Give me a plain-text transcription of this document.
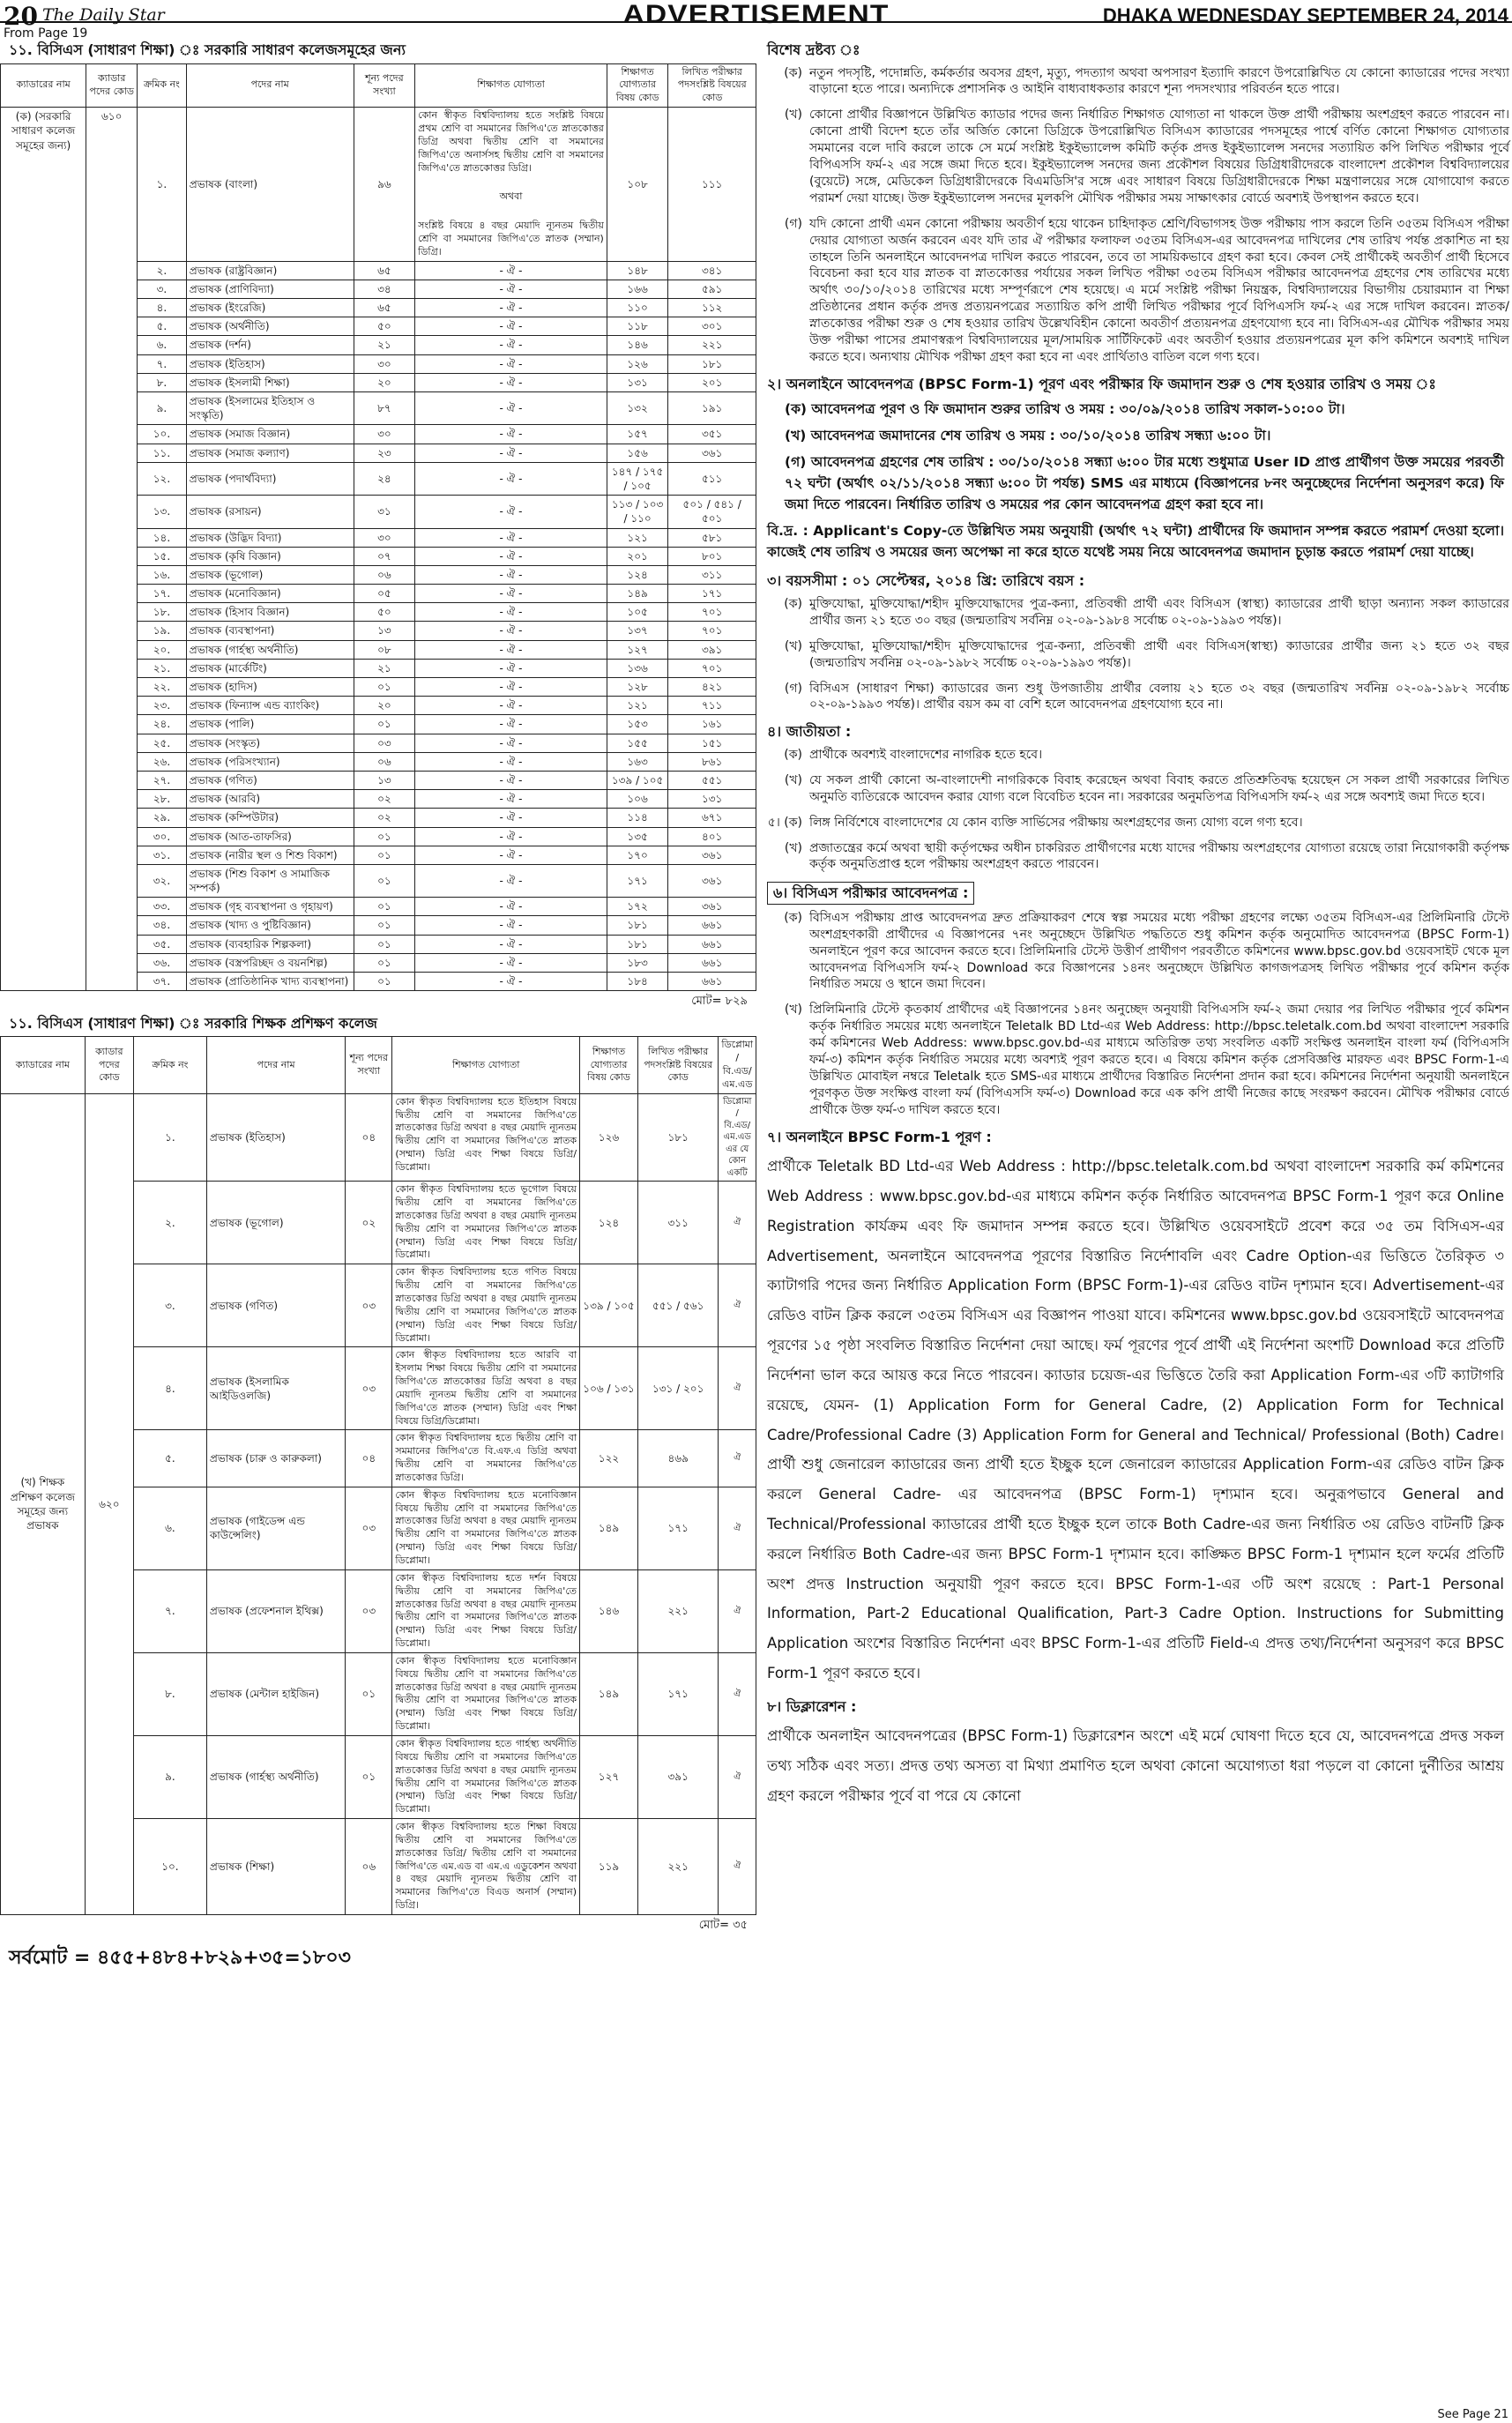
20 The Daily Star	ADVERTISEMENT	DHAKA WEDNESDAY SEPTEMBER 24, 2014
From Page 19
১১. বিসিএস (সাধারণ শিক্ষা) ঃ সরকারি সাধারণ কলেজসমূহের জন্য
ক্যাডারের নাম	ক্যাডার পদের কোড	ক্রমিক নং	পদের নাম	শূন্য পদের সংখ্যা	শিক্ষাগত যোগ্যতা	শিক্ষাগত যোগ্যতার বিষয় কোড	লিখিত পরীক্ষার পদসংশ্লিষ্ট বিষয়ের কোড
(ক) (সরকারি সাধারণ কলেজ সমূহের জন্য)	৬১০	১.	প্রভাষক (বাংলা)	৯৬	কোন স্বীকৃত বিশ্ববিদ্যালয় হতে সংশ্লিষ্ট বিষয়ে প্রথম শ্রেণি বা সমমানের জিপিএ'তে স্নাতকোত্তর ডিগ্রি অথবা দ্বিতীয় শ্রেণি বা সমমানের জিপিএ'তে অনার্সসহ দ্বিতীয় শ্রেণি বা সমমানের জিপিএ'তে স্নাতকোত্তর ডিগ্রি।
অথবা
সংশ্লিষ্ট বিষয়ে ৪ বছর মেয়াদি ন্যূনতম দ্বিতীয় শ্রেণি বা সমমানের জিপিএ'তে স্নাতক (সম্মান) ডিগ্রি।	১০৮	১১১
		২.	প্রভাষক (রাষ্ট্রবিজ্ঞান)	৬৫	- ঐ -	১৪৮	৩৪১
		৩.	প্রভাষক (প্রাণিবিদ্যা)	৩৪	- ঐ -	১৬৬	৫৯১
		৪.	প্রভাষক (ইংরেজি)	৬৫	- ঐ -	১১০	১১২
		৫.	প্রভাষক (অর্থনীতি)	৫০	- ঐ -	১১৮	৩০১
		৬.	প্রভাষক (দর্শন)	২১	- ঐ -	১৪৬	২২১
		৭.	প্রভাষক (ইতিহাস)	৩০	- ঐ -	১২৬	১৮১
		৮.	প্রভাষক (ইসলামী শিক্ষা)	২০	- ঐ -	১৩১	২০১
		৯.	প্রভাষক (ইসলামের ইতিহাস ও সংস্কৃতি)	৮৭	- ঐ -	১৩২	১৯১
		১০.	প্রভাষক (সমাজ বিজ্ঞান)	৩০	- ঐ -	১৫৭	৩৫১
		১১.	প্রভাষক (সমাজ কল্যাণ)	২৩	- ঐ -	১৫৬	৩৬১
		১২.	প্রভাষক (পদার্থবিদ্যা)	২৪	- ঐ -	১৪৭ / ১৭৫ / ১০৫	৫১১
		১৩.	প্রভাষক (রসায়ন)	৩১	- ঐ -	১১৩ / ১০৩ / ১১০	৫০১ / ৫৪১ / ৫০১
		১৪.	প্রভাষক (উদ্ভিদ বিদ্যা)	৩০	- ঐ -	১২১	৫৮১
		১৫.	প্রভাষক (কৃষি বিজ্ঞান)	০৭	- ঐ -	২০১	৮০১
		১৬.	প্রভাষক (ভূগোল)	০৬	- ঐ -	১২৪	৩১১
		১৭.	প্রভাষক (মনোবিজ্ঞান)	০৫	- ঐ -	১৪৯	১৭১
		১৮.	প্রভাষক (হিসাব বিজ্ঞান)	৫০	- ঐ -	১০৫	৭০১
		১৯.	প্রভাষক (ব্যবস্থাপনা)	১৩	- ঐ -	১৩৭	৭০১
		২০.	প্রভাষক (গার্হস্থ্য অর্থনীতি)	০৮	- ঐ -	১২৭	৩৯১
		২১.	প্রভাষক (মার্কেটিং)	২১	- ঐ -	১৩৬	৭০১
		২২.	প্রভাষক (হাদিস)	০১	- ঐ -	১২৮	৪২১
		২৩.	প্রভাষক (ফিন্যান্স এন্ড ব্যাংকিং)	২০	- ঐ -	১২১	৭১১
		২৪.	প্রভাষক (পালি)	০১	- ঐ -	১৫৩	১৬১
		২৫.	প্রভাষক (সংস্কৃত)	০৩	- ঐ -	১৫৫	১৫১
		২৬.	প্রভাষক (পরিসংখ্যান)	০৬	- ঐ -	১৬৩	৮৬১
		২৭.	প্রভাষক (গণিত)	১৩	- ঐ -	১৩৯ / ১০৫	৫৫১
		২৮.	প্রভাষক (আরবি)	০২	- ঐ -	১০৬	১৩১
		২৯.	প্রভাষক (কম্পিউটার)	০২	- ঐ -	১১৪	৬৭১
		৩০.	প্রভাষক (আত-তাফসির)	০১	- ঐ -	১৩৫	৪০১
		৩১.	প্রভাষক (নারীর স্থল ও শিশু বিকাশ)	০১	- ঐ -	১৭০	৩৬১
		৩২.	প্রভাষক (শিশু বিকাশ ও সামাজিক সম্পর্ক)	০১	- ঐ -	১৭১	৩৬১
		৩৩.	প্রভাষক (গৃহ ব্যবস্থাপনা ও গৃহায়ণ)	০১	- ঐ -	১৭২	৩৬১
		৩৪.	প্রভাষক (খাদ্য ও পুষ্টিবিজ্ঞান)	০১	- ঐ -	১৮১	৬৬১
		৩৫.	প্রভাষক (ব্যবহারিক শিল্পকলা)	০১	- ঐ -	১৮১	৬৬১
		৩৬.	প্রভাষক (বস্ত্রপরিচ্ছদ ও বয়নশিল্প)	০১	- ঐ -	১৮৩	৬৬১
		৩৭.	প্রভাষক (প্রাতিষ্ঠানিক খাদ্য ব্যবস্থাপনা)	০১	- ঐ -	১৮৪	৬৬১
মোট= ৮২৯
১১. বিসিএস (সাধারণ শিক্ষা) ঃ সরকারি শিক্ষক প্রশিক্ষণ কলেজ
ক্যাডারের নাম	ক্যাডার পদের কোড	ক্রমিক নং	পদের নাম	শূন্য পদের সংখ্যা	শিক্ষাগত যোগ্যতা	শিক্ষাগত যোগ্যতার বিষয় কোড	লিখিত পরীক্ষার পদসংশ্লিষ্ট বিষয়ের কোড	ডিপ্লোমা / বি.এড/এম.এড
(খ) শিক্ষক প্রশিক্ষণ কলেজ সমূহের জন্য প্রভাষক	৬২০	১.	প্রভাষক (ইতিহাস)	০৪	কোন স্বীকৃত বিশ্ববিদ্যালয় হতে ইতিহাস বিষয়ে দ্বিতীয় শ্রেণি বা সমমানের জিপিএ'তে স্নাতকোত্তর ডিগ্রি অথবা ৪ বছর মেয়াদি ন্যূনতম দ্বিতীয় শ্রেণি বা সমমানের জিপিএ'তে স্নাতক (সম্মান) ডিগ্রি এবং শিক্ষা বিষয়ে ডিগ্রি/ডিপ্লোমা।	১২৬	১৮১	ডিপ্লোমা / বি.এড/ এম.এড এর যে কোন একটি
		২.	প্রভাষক (ভূগোল)	০২	কোন স্বীকৃত বিশ্ববিদ্যালয় হতে ভূগোল বিষয়ে দ্বিতীয় শ্রেণি বা সমমানের জিপিএ'তে স্নাতকোত্তর ডিগ্রি অথবা ৪ বছর মেয়াদি ন্যূনতম দ্বিতীয় শ্রেণি বা সমমানের জিপিএ'তে স্নাতক (সম্মান) ডিগ্রি এবং শিক্ষা বিষয়ে ডিগ্রি/ডিপ্লোমা।	১২৪	৩১১	ঐ
		৩.	প্রভাষক (গণিত)	০৩	কোন স্বীকৃত বিশ্ববিদ্যালয় হতে গণিত বিষয়ে দ্বিতীয় শ্রেণি বা সমমানের জিপিএ'তে স্নাতকোত্তর ডিগ্রি অথবা ৪ বছর মেয়াদি ন্যূনতম দ্বিতীয় শ্রেণি বা সমমানের জিপিএ'তে স্নাতক (সম্মান) ডিগ্রি এবং শিক্ষা বিষয়ে ডিগ্রি/ডিপ্লোমা।	১৩৯ / ১০৫	৫৫১ / ৫৬১	ঐ
		৪.	প্রভাষক (ইসলামিক আইডিওলজি)	০৩	কোন স্বীকৃত বিশ্ববিদ্যালয় হতে আরবি বা ইসলাম শিক্ষা বিষয়ে দ্বিতীয় শ্রেণি বা সমমানের জিপিএ'তে স্নাতকোত্তর ডিগ্রি অথবা ৪ বছর মেয়াদি ন্যূনতম দ্বিতীয় শ্রেণি বা সমমানের জিপিএ'তে স্নাতক (সম্মান) ডিগ্রি এবং শিক্ষা বিষয়ে ডিগ্রি/ডিপ্লোমা।	১০৬ / ১৩১	১৩১ / ২০১	ঐ
		৫.	প্রভাষক (চারু ও কারুকলা)	০৪	কোন স্বীকৃত বিশ্ববিদ্যালয় হতে দ্বিতীয় শ্রেণি বা সমমানের জিপিএ'তে বি.এফ.এ ডিগ্রি অথবা দ্বিতীয় শ্রেণি বা সমমানের জিপিএ'তে স্নাতকোত্তর ডিগ্রি।	১২২	৪৬৯	ঐ
		৬.	প্রভাষক (গাইডেন্স এন্ড কাউন্সেলিং)	০৩	কোন স্বীকৃত বিশ্ববিদ্যালয় হতে মনোবিজ্ঞান বিষয়ে দ্বিতীয় শ্রেণি বা সমমানের জিপিএ'তে স্নাতকোত্তর ডিগ্রি অথবা ৪ বছর মেয়াদি ন্যূনতম দ্বিতীয় শ্রেণি বা সমমানের জিপিএ'তে স্নাতক (সম্মান) ডিগ্রি এবং শিক্ষা বিষয়ে ডিগ্রি/ডিপ্লোমা।	১৪৯	১৭১	ঐ
		৭.	প্রভাষক (প্রফেশনাল ইথিক্স)	০৩	কোন স্বীকৃত বিশ্ববিদ্যালয় হতে দর্শন বিষয়ে দ্বিতীয় শ্রেণি বা সমমানের জিপিএ'তে স্নাতকোত্তর ডিগ্রি অথবা ৪ বছর মেয়াদি ন্যূনতম দ্বিতীয় শ্রেণি বা সমমানের জিপিএ'তে স্নাতক (সম্মান) ডিগ্রি এবং শিক্ষা বিষয়ে ডিগ্রি/ডিপ্লোমা।	১৪৬	২২১	ঐ
		৮.	প্রভাষক (মেন্টাল হাইজিন)	০১	কোন স্বীকৃত বিশ্ববিদ্যালয় হতে মনোবিজ্ঞান বিষয়ে দ্বিতীয় শ্রেণি বা সমমানের জিপিএ'তে স্নাতকোত্তর ডিগ্রি অথবা ৪ বছর মেয়াদি ন্যূনতম দ্বিতীয় শ্রেণি বা সমমানের জিপিএ'তে স্নাতক (সম্মান) ডিগ্রি এবং শিক্ষা বিষয়ে ডিগ্রি/ডিপ্লোমা।	১৪৯	১৭১	ঐ
		৯.	প্রভাষক (গার্হস্থ্য অর্থনীতি)	০১	কোন স্বীকৃত বিশ্ববিদ্যালয় হতে গার্হস্থ্য অর্থনীতি বিষয়ে দ্বিতীয় শ্রেণি বা সমমানের জিপিএ'তে স্নাতকোত্তর ডিগ্রি অথবা ৪ বছর মেয়াদি ন্যূনতম দ্বিতীয় শ্রেণি বা সমমানের জিপিএ'তে স্নাতক (সম্মান) ডিগ্রি এবং শিক্ষা বিষয়ে ডিগ্রি/ডিপ্লোমা।	১২৭	৩৯১	ঐ
		১০.	প্রভাষক (শিক্ষা)	০৬	কোন স্বীকৃত বিশ্ববিদ্যালয় হতে শিক্ষা বিষয়ে দ্বিতীয় শ্রেণি বা সমমানের জিপিএ'তে স্নাতকোত্তর ডিগ্রি/ দ্বিতীয় শ্রেণি বা সমমানের জিপিএ'তে এম.এড বা এম.এ এডুকেশন অথবা ৪ বছর মেয়াদি ন্যূনতম দ্বিতীয় শ্রেণি বা সমমানের জিপিএ'তে বিএড অনার্স (সম্মান) ডিগ্রি।	১১৯	২২১	ঐ
মোট= ৩৫
সর্বমোট = ৪৫৫+৪৮৪+৮২৯+৩৫=১৮০৩
বিশেষ দ্রষ্টব্য ঃ
(ক) নতুন পদসৃষ্টি, পদোন্নতি, কর্মকর্তার অবসর গ্রহণ, মৃত্যু, পদত্যাগ অথবা অপসারণ ইত্যাদি কারণে উপরোল্লিখিত যে কোনো ক্যাডারের পদের সংখ্যা বাড়ানো হতে পারে। অন্যদিকে প্রশাসনিক ও আইনি বাধ্যবাধকতার কারণে শূন্য পদসংখ্যার পরিবর্তন হতে পারে।
(খ) কোনো প্রার্থীর বিজ্ঞাপনে উল্লিখিত ক্যাডার পদের জন্য নির্ধারিত শিক্ষাগত যোগ্যতা না থাকলে উক্ত প্রার্থী পরীক্ষায় অংশগ্রহণ করতে পারবেন না। কোনো প্রার্থী বিদেশ হতে তাঁর অর্জিত কোনো ডিগ্রিকে উপরোল্লিখিত বিসিএস ক্যাডারের পদসমূহের পার্শ্বে বর্ণিত কোনো শিক্ষাগত যোগ্যতার সমমানের বলে দাবি করলে তাকে সে মর্মে সংশ্লিষ্ট ইকুইভ্যালেন্স কমিটি কর্তৃক প্রদত্ত ইকুইভ্যালেন্স সনদের সত্যায়িত কপি লিখিত পরীক্ষার পূর্বে বিপিএসসি ফর্ম-২ এর সঙ্গে জমা দিতে হবে। ইকুইভ্যালেন্স সনদের জন্য প্রকৌশল বিষয়ের ডিগ্রিধারীদেরকে বাংলাদেশ প্রকৌশল বিশ্ববিদ্যালয়ের (বুয়েটে) সঙ্গে, মেডিকেল ডিগ্রিধারীদেরকে বিএমডিসি'র সঙ্গে এবং সাধারণ বিষয়ে ডিগ্রিধারীদেরকে শিক্ষা মন্ত্রণালয়ের সঙ্গে যোগাযোগ করতে পরামর্শ দেয়া যাচ্ছে। উক্ত ইকুইভ্যালেন্স সনদের মূলকপি মৌখিক পরীক্ষার সময় সাক্ষাৎকার বোর্ডে অবশ্যই উপস্থাপন করতে হবে।
(গ) যদি কোনো প্রার্থী এমন কোনো পরীক্ষায় অবতীর্ণ হয়ে থাকেন চাহিদাকৃত শ্রেণি/বিভাগসহ উক্ত পরীক্ষায় পাস করলে তিনি ৩৫তম বিসিএস পরীক্ষা দেয়ার যোগ্যতা অর্জন করবেন এবং যদি তার ঐ পরীক্ষার ফলাফল ৩৫তম বিসিএস-এর আবেদনপত্র দাখিলের শেষ তারিখ পর্যন্ত প্রকাশিত না হয় তাহলে তিনি অনলাইনে আবেদনপত্র দাখিল করতে পারবেন, তবে তা সাময়িকভাবে গ্রহণ করা হবে। কেবল সেই প্রার্থীকেই অবতীর্ণ প্রার্থী হিসেবে বিবেচনা করা হবে যার স্নাতক বা স্নাতকোত্তর পর্যায়ের সকল লিখিত পরীক্ষা ৩৫তম বিসিএস পরীক্ষার আবেদনপত্র গ্রহণের শেষ তারিখের মধ্যে অর্থাৎ ৩০/১০/২০১৪ তারিখের মধ্যে সম্পূর্ণরূপে শেষ হয়েছে। এ মর্মে সংশ্লিষ্ট পরীক্ষা নিয়ন্ত্রক, বিশ্ববিদ্যালয়ের বিভাগীয় চেয়ারম্যান বা শিক্ষা প্রতিষ্ঠানের প্রধান কর্তৃক প্রদত্ত প্রত্যয়নপত্রের সত্যায়িত কপি প্রার্থী লিখিত পরীক্ষার পূর্বে বিপিএসসি ফর্ম-২ এর সঙ্গে দাখিল করবেন। স্নাতক/স্নাতকোত্তর পরীক্ষা শুরু ও শেষ হওয়ার তারিখ উল্লেখবিহীন কোনো অবতীর্ণ প্রত্যয়নপত্র গ্রহণযোগ্য হবে না। বিসিএস-এর মৌখিক পরীক্ষার সময় উক্ত পরীক্ষা পাসের প্রমাণস্বরূপ বিশ্ববিদ্যালয়ের মূল/সাময়িক সার্টিফিকেট এবং অবতীর্ণ হওয়ার প্রত্যয়নপত্রের মূল কপি কমিশনে অবশ্যই দাখিল করতে হবে। অন্যথায় মৌখিক পরীক্ষা গ্রহণ করা হবে না এবং প্রার্থিতাও বাতিল বলে গণ্য হবে।
২। অনলাইনে আবেদনপত্র (BPSC Form-1) পূরণ এবং পরীক্ষার ফি জমাদান শুরু ও শেষ হওয়ার তারিখ ও সময় ঃ
(ক) আবেদনপত্র পূরণ ও ফি জমাদান শুরুর তারিখ ও সময় : ৩০/০৯/২০১৪ তারিখ সকাল-১০:০০ টা।
(খ) আবেদনপত্র জমাদানের শেষ তারিখ ও সময় : ৩০/১০/২০১৪ তারিখ সন্ধ্যা ৬:০০ টা।
(গ) আবেদনপত্র গ্রহণের শেষ তারিখ : ৩০/১০/২০১৪ সন্ধ্যা ৬:০০ টার মধ্যে শুধুমাত্র User ID প্রাপ্ত প্রার্থীগণ উক্ত সময়ের পরবর্তী ৭২ ঘন্টা (অর্থাৎ ০২/১১/২০১৪ সন্ধ্যা ৬:০০ টা পর্যন্ত) SMS এর মাধ্যমে (বিজ্ঞাপনের ৮নং অনুচ্ছেদের নির্দেশনা অনুসরণ করে) ফি জমা দিতে পারবেন। নির্ধারিত তারিখ ও সময়ের পর কোন আবেদনপত্র গ্রহণ করা হবে না।
বি.দ্র. : Applicant's Copy-তে উল্লিখিত সময় অনুযায়ী (অর্থাৎ ৭২ ঘন্টা) প্রার্থীদের ফি জমাদান সম্পন্ন করতে পরামর্শ দেওয়া হলো। কাজেই শেষ তারিখ ও সময়ের জন্য অপেক্ষা না করে হাতে যথেষ্ট সময় নিয়ে আবেদনপত্র জমাদান চূড়ান্ত করতে পরামর্শ দেয়া যাচ্ছে।
৩। বয়সসীমা : ০১ সেপ্টেম্বর, ২০১৪ খ্রি: তারিখে বয়স :
(ক) মুক্তিযোদ্ধা, মুক্তিযোদ্ধা/শহীদ মুক্তিযোদ্ধাদের পুত্র-কন্যা, প্রতিবন্ধী প্রার্থী এবং বিসিএস (স্বাস্থ্য) ক্যাডারের প্রার্থী ছাড়া অন্যান্য সকল ক্যাডারের প্রার্থীর জন্য ২১ হতে ৩০ বছর (জন্মতারিখ সর্বনিম্ন ০২-০৯-১৯৮৪ সর্বোচ্চ ০২-০৯-১৯৯৩ পর্যন্ত)।
(খ) মুক্তিযোদ্ধা, মুক্তিযোদ্ধা/শহীদ মুক্তিযোদ্ধাদের পুত্র-কন্যা, প্রতিবন্ধী প্রার্থী এবং বিসিএস(স্বাস্থ্য) ক্যাডারের প্রার্থীর জন্য ২১ হতে ৩২ বছর (জন্মতারিখ সর্বনিম্ন ০২-০৯-১৯৮২ সর্বোচ্চ ০২-০৯-১৯৯৩ পর্যন্ত)।
(গ) বিসিএস (সাধারণ শিক্ষা) ক্যাডারের জন্য শুধু উপজাতীয় প্রার্থীর বেলায় ২১ হতে ৩২ বছর (জন্মতারিখ সর্বনিম্ন ০২-০৯-১৯৮২ সর্বোচ্চ ০২-০৯-১৯৯৩ পর্যন্ত)। প্রার্থীর বয়স কম বা বেশি হলে আবেদনপত্র গ্রহণযোগ্য হবে না।
৪। জাতীয়তা :
(ক) প্রার্থীকে অবশ্যই বাংলাদেশের নাগরিক হতে হবে।
(খ) যে সকল প্রার্থী কোনো অ-বাংলাদেশী নাগরিককে বিবাহ করেছেন অথবা বিবাহ করতে প্রতিশ্রুতিবদ্ধ হয়েছেন সে সকল প্রার্থী সরকারের লিখিত অনুমতি ব্যতিরেকে আবেদন করার যোগ্য বলে বিবেচিত হবেন না। সরকারের অনুমতিপত্র বিপিএসসি ফর্ম-২ এর সঙ্গে অবশ্যই জমা দিতে হবে।
৫। (ক) লিঙ্গ নির্বিশেষে বাংলাদেশের যে কোন ব্যক্তি সার্ভিসের পরীক্ষায় অংশগ্রহণের জন্য যোগ্য বলে গণ্য হবে।
(খ) প্রজাতন্ত্রের কর্মে অথবা স্থায়ী কর্তৃপক্ষের অধীন চাকরিরত প্রার্থীগণের মধ্যে যাদের পরীক্ষায় অংশগ্রহণের যোগ্যতা রয়েছে তারা নিয়োগকারী কর্তৃপক্ষ কর্তৃক অনুমতিপ্রাপ্ত হলে পরীক্ষায় অংশগ্রহণ করতে পারবেন।
৬। বিসিএস পরীক্ষার আবেদনপত্র :
(ক) বিসিএস পরীক্ষায় প্রাপ্ত আবেদনপত্র দ্রুত প্রক্রিয়াকরণ শেষে স্বল্প সময়ের মধ্যে পরীক্ষা গ্রহণের লক্ষ্যে ৩৫তম বিসিএস-এর প্রিলিমিনারি টেস্টে অংশগ্রহণকারী প্রার্থীদের এ বিজ্ঞাপনের ৭নং অনুচ্ছেদে উল্লিখিত পদ্ধতিতে শুধু কমিশন কর্তৃক অনুমোদিত আবেদনপত্র (BPSC Form-1) অনলাইনে পূরণ করে আবেদন করতে হবে। প্রিলিমিনারি টেস্টে উত্তীর্ণ প্রার্থীগণ পরবর্তীতে কমিশনের www.bpsc.gov.bd ওয়েবসাইট থেকে মূল আবেদনপত্র বিপিএসসি ফর্ম-২ Download করে বিজ্ঞাপনের ১৪নং অনুচ্ছেদে উল্লিখিত কাগজপত্রসহ লিখিত পরীক্ষার পূর্বে কমিশন কর্তৃক নির্ধারিত সময়ে ও স্থানে জমা দিবেন।
(খ) প্রিলিমিনারি টেস্টে কৃতকার্য প্রার্থীদের এই বিজ্ঞাপনের ১৪নং অনুচ্ছেদ অনুযায়ী বিপিএসসি ফর্ম-২ জমা দেয়ার পর লিখিত পরীক্ষার পূর্বে কমিশন কর্তৃক নির্ধারিত সময়ের মধ্যে অনলাইনে Teletalk BD Ltd-এর Web Address: http://bpsc.teletalk.com.bd অথবা বাংলাদেশ সরকারি কর্ম কমিশনের Web Address: www.bpsc.gov.bd-এর মাধ্যমে অতিরিক্ত তথ্য সংবলিত একটি সংক্ষিপ্ত অনলাইন বাংলা ফর্ম (বিপিএসসি ফর্ম-৩) কমিশন কর্তৃক নির্ধারিত সময়ের মধ্যে অবশ্যই পূরণ করতে হবে। এ বিষয়ে কমিশন কর্তৃক প্রেসবিজ্ঞপ্তি মারফত এবং BPSC Form-1-এ উল্লিখিত মোবাইল নম্বরে Teletalk হতে SMS-এর মাধ্যমে প্রার্থীদের বিস্তারিত নির্দেশনা প্রদান করা হবে। কমিশনের নির্দেশনা অনুযায়ী অনলাইনে পূরণকৃত উক্ত সংক্ষিপ্ত বাংলা ফর্ম (বিপিএসসি ফর্ম-৩) Download করে এক কপি প্রার্থী নিজের কাছে সংরক্ষণ করবেন। মৌখিক পরীক্ষার বোর্ডে প্রার্থীকে উক্ত ফর্ম-৩ দাখিল করতে হবে।
৭। অনলাইনে BPSC Form-1 পূরণ :
প্রার্থীকে Teletalk BD Ltd-এর Web Address : http://bpsc.teletalk.com.bd অথবা বাংলাদেশ সরকারি কর্ম কমিশনের Web Address : www.bpsc.gov.bd-এর মাধ্যমে কমিশন কর্তৃক নির্ধারিত আবেদনপত্র BPSC Form-1 পূরণ করে Online Registration কার্যক্রম এবং ফি জমাদান সম্পন্ন করতে হবে। উল্লিখিত ওয়েবসাইটে প্রবেশ করে ৩৫ তম বিসিএস-এর Advertisement, অনলাইনে আবেদনপত্র পূরণের বিস্তারিত নির্দেশাবলি এবং Cadre Option-এর ভিত্তিতে তৈরিকৃত ৩ ক্যাটাগরি পদের জন্য নির্ধারিত Application Form (BPSC Form-1)-এর রেডিও বাটন দৃশ্যমান হবে। Advertisement-এর রেডিও বাটন ক্লিক করলে ৩৫তম বিসিএস এর বিজ্ঞাপন পাওয়া যাবে। কমিশনের www.bpsc.gov.bd ওয়েবসাইটে আবেদনপত্র পূরণের ১৫ পৃষ্ঠা সংবলিত বিস্তারিত নির্দেশনা দেয়া আছে। ফর্ম পূরণের পূর্বে প্রার্থী এই নির্দেশনা অংশটি Download করে প্রতিটি নির্দেশনা ভাল করে আয়ত্ত করে নিতে পারবেন। ক্যাডার চয়েজ-এর ভিত্তিতে তৈরি করা Application Form-এর ৩টি ক্যাটাগরি রয়েছে, যেমন- (1) Application Form for General Cadre, (2) Application Form for Technical Cadre/Professional Cadre (3) Application Form for General and Technical/ Professional (Both) Cadre। প্রার্থী শুধু জেনারেল ক্যাডারের জন্য প্রার্থী হতে ইচ্ছুক হলে জেনারেল ক্যাডারের Application Form-এর রেডিও বাটন ক্লিক করলে General Cadre- এর আবেদনপত্র (BPSC Form-1) দৃশ্যমান হবে। অনুরূপভাবে General and Technical/Professional ক্যাডারের প্রার্থী হতে ইচ্ছুক হলে তাকে Both Cadre-এর জন্য নির্ধারিত ৩য় রেডিও বাটনটি ক্লিক করলে নির্ধারিত Both Cadre-এর জন্য BPSC Form-1 দৃশ্যমান হবে। কাঙ্ক্ষিত BPSC Form-1 দৃশ্যমান হলে ফর্মের প্রতিটি অংশ প্রদত্ত Instruction অনুযায়ী পূরণ করতে হবে। BPSC Form-1-এর ৩টি অংশ রয়েছে : Part-1 Personal Information, Part-2 Educational Qualification, Part-3 Cadre Option. Instructions for Submitting Application অংশের বিস্তারিত নির্দেশনা এবং BPSC Form-1-এর প্রতিটি Field-এ প্রদত্ত তথ্য/নির্দেশনা অনুসরণ করে BPSC Form-1 পূরণ করতে হবে।
৮। ডিক্লারেশন :
প্রার্থীকে অনলাইন আবেদনপত্রের (BPSC Form-1) ডিক্লারেশন অংশে এই মর্মে ঘোষণা দিতে হবে যে, আবেদনপত্রে প্রদত্ত সকল তথ্য সঠিক এবং সত্য। প্রদত্ত তথ্য অসত্য বা মিথ্যা প্রমাণিত হলে অথবা কোনো অযোগ্যতা ধরা পড়লে বা কোনো দুর্নীতির আশ্রয় গ্রহণ করলে পরীক্ষার পূর্বে বা পরে যে কোনো
See Page 21
